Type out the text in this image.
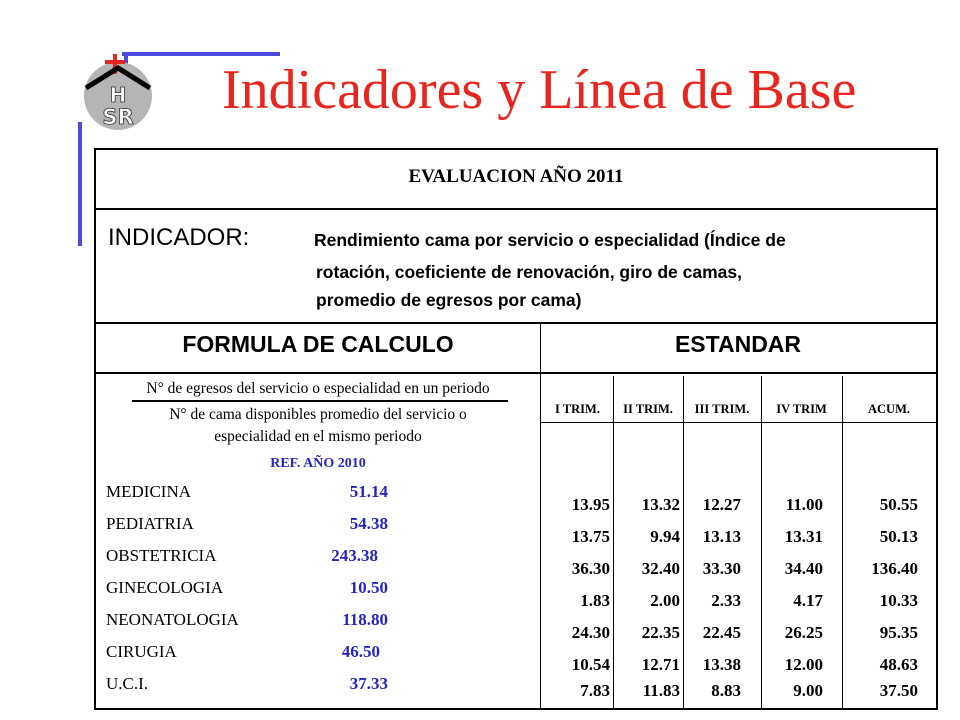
H
SR Indicadores y Línea de Base
EVALUACION AÑO 2011
INDICADOR:	Rendimiento cama por servicio o especialidad (Índice de
rotación, coeficiente de renovación, giro de camas,
promedio de egresos por cama)
FORMULA DE CALCULO	ESTANDAR
N° de egresos del servicio o especialidad en un periodo
N° de cama disponibles promedio del servicio o
especialidad en el mismo periodo
REF. AÑO 2010
MEDICINA	51.14
PEDIATRIA	54.38
OBSTETRICIA	243.38
GINECOLOGIA	10.50
NEONATOLOGIA	118.80
CIRUGIA	46.50
U.C.I.	37.33
I TRIM.	II TRIM.	III TRIM.	IV TRIM	ACUM.
13.95	13.32	12.27	11.00	50.55
13.75	9.94	13.13	13.31	50.13
36.30	32.40	33.30	34.40	136.40
1.83	2.00	2.33	4.17	10.33
24.30	22.35	22.45	26.25	95.35
10.54	12.71	13.38	12.00	48.63
7.83	11.83	8.83	9.00	37.50
